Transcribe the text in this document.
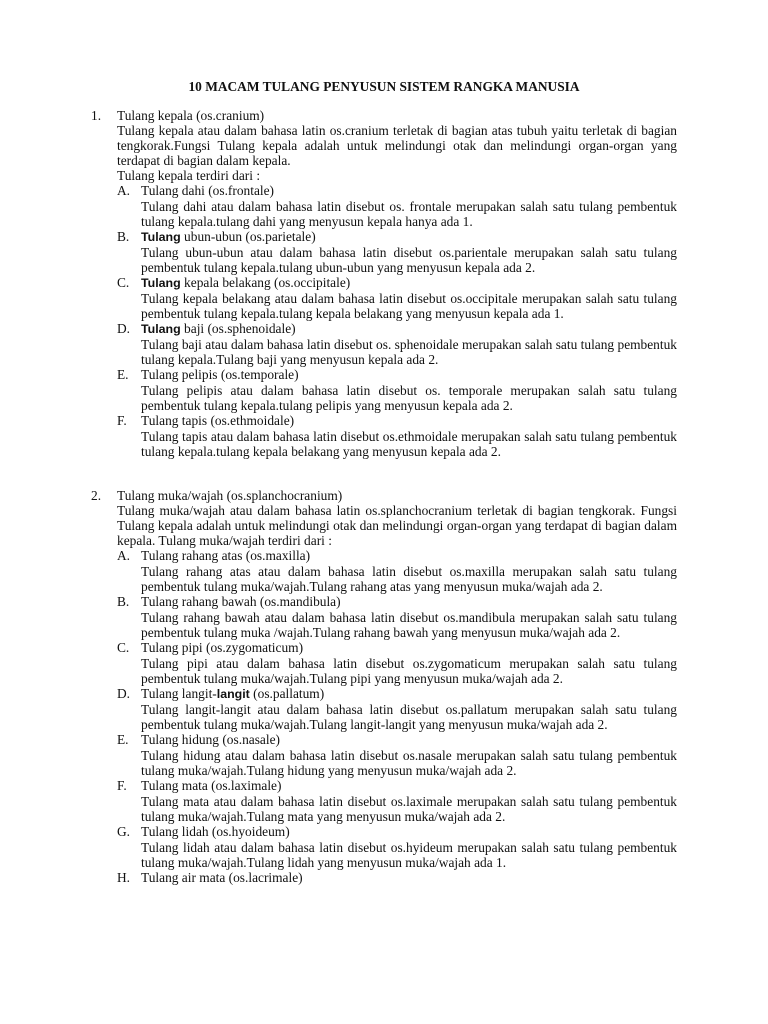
10 MACAM TULANG PENYUSUN SISTEM RANGKA MANUSIA
1. Tulang kepala (os.cranium)

Tulang kepala atau dalam bahasa latin os.cranium terletak di bagian atas tubuh yaitu terletak di bagian tengkorak.Fungsi Tulang kepala adalah untuk melindungi otak dan melindungi organ-organ yang terdapat di bagian dalam kepala.

Tulang kepala terdiri dari :

A. Tulang dahi (os.frontale)

Tulang dahi atau dalam bahasa latin disebut os. frontale merupakan salah satu tulang pembentuk tulang kepala.tulang dahi yang menyusun kepala hanya ada 1.

B. Tulang ubun-ubun (os.parietale)

Tulang ubun-ubun atau dalam bahasa latin disebut os.parientale merupakan salah satu tulang pembentuk tulang kepala.tulang ubun-ubun yang menyusun kepala ada 2.

C. Tulang kepala belakang (os.occipitale)

Tulang kepala belakang atau dalam bahasa latin disebut os.occipitale merupakan salah satu tulang pembentuk tulang kepala.tulang kepala belakang yang menyusun kepala ada 1.

D. Tulang baji (os.sphenoidale)

Tulang baji atau dalam bahasa latin disebut os. sphenoidale merupakan salah satu tulang pembentuk tulang kepala.Tulang baji yang menyusun kepala ada 2.

E. Tulang pelipis (os.temporale)

Tulang pelipis atau dalam bahasa latin disebut os. temporale merupakan salah satu tulang pembentuk tulang kepala.tulang pelipis yang menyusun kepala ada 2.

F.	Tulang tapis (os.ethmoidale)

Tulang tapis atau dalam bahasa latin disebut os.ethmoidale merupakan salah satu tulang pembentuk tulang kepala.tulang kepala belakang yang menyusun kepala ada 2.

2. Tulang muka/wajah (os.splanchocranium)

Tulang muka/wajah atau dalam bahasa latin os.splanchocranium terletak di bagian tengkorak. Fungsi Tulang kepala adalah untuk melindungi otak dan melindungi organ-organ yang terdapat di bagian dalam kepala. Tulang muka/wajah terdiri dari :

A. Tulang rahang atas (os.maxilla)

Tulang rahang atas atau dalam bahasa latin disebut os.maxilla merupakan salah satu tulang pembentuk tulang muka/wajah.Tulang rahang atas yang menyusun muka/wajah ada 2.

B. Tulang rahang bawah (os.mandibula)

Tulang rahang bawah atau dalam bahasa latin disebut os.mandibula merupakan salah satu tulang pembentuk tulang muka /wajah.Tulang rahang bawah yang menyusun muka/wajah ada 2.

C. Tulang pipi (os.zygomaticum)

Tulang pipi atau dalam bahasa latin disebut os.zygomaticum merupakan salah satu tulang pembentuk tulang muka/wajah.Tulang pipi yang menyusun muka/wajah ada 2.

D. Tulang langit-langit (os.pallatum)

Tulang langit-langit atau dalam bahasa latin disebut os.pallatum merupakan salah satu tulang pembentuk tulang muka/wajah.Tulang langit-langit yang menyusun muka/wajah ada 2.

E. Tulang hidung (os.nasale)

Tulang hidung atau dalam bahasa latin disebut os.nasale merupakan salah satu tulang pembentuk tulang muka/wajah.Tulang hidung yang menyusun muka/wajah ada 2.

F.	Tulang mata (os.laximale)

Tulang mata atau dalam bahasa latin disebut os.laximale merupakan salah satu tulang pembentuk tulang muka/wajah.Tulang mata yang menyusun muka/wajah ada 2.

G. Tulang lidah (os.hyoideum)

Tulang lidah atau dalam bahasa latin disebut os.hyideum merupakan salah satu tulang pembentuk tulang muka/wajah.Tulang lidah yang menyusun muka/wajah ada 1.

H. Tulang air mata (os.lacrimale)
